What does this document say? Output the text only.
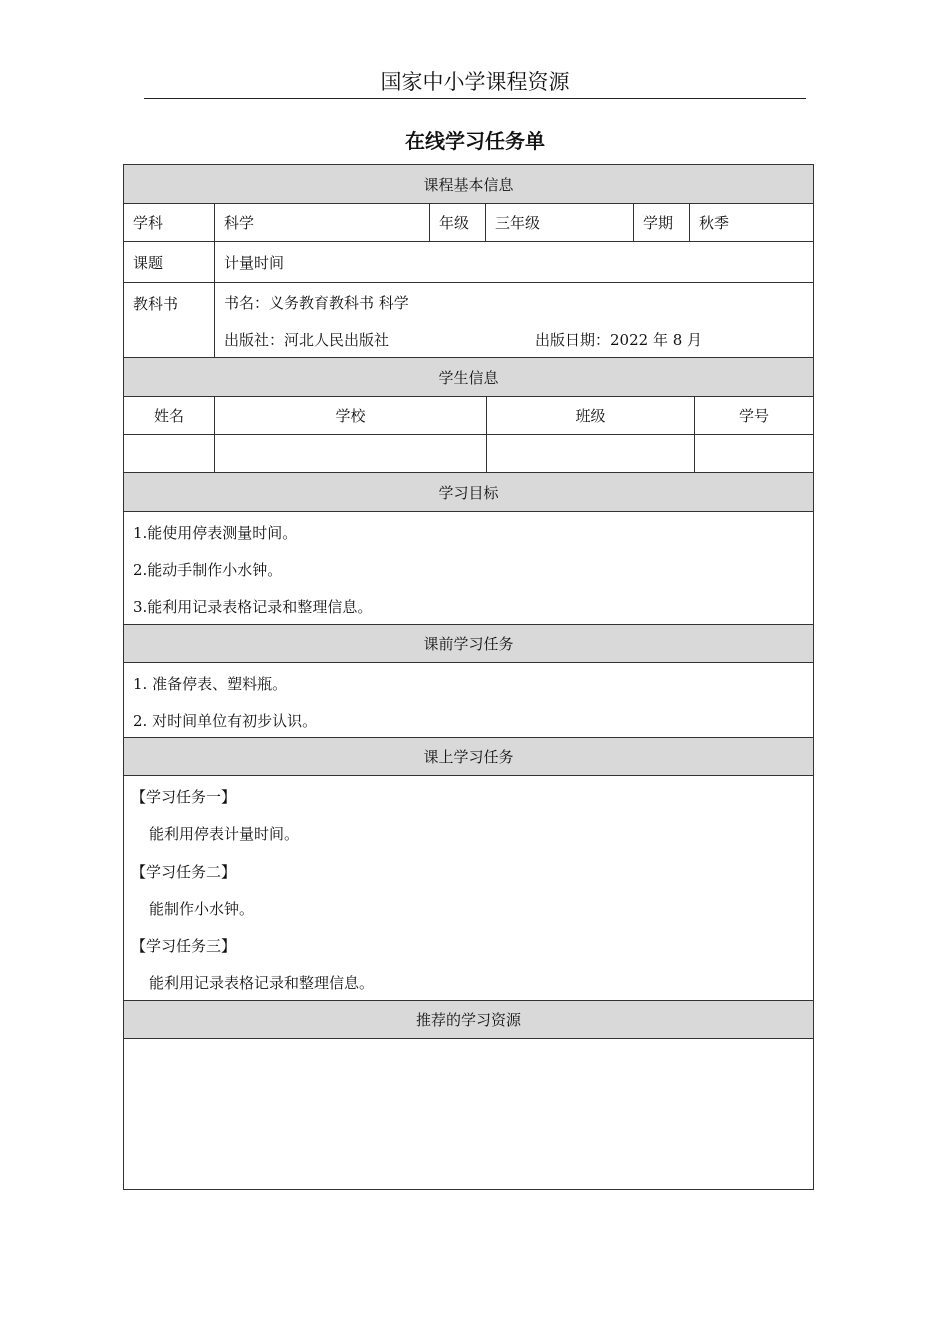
国家中小学课程资源
在线学习任务单
课程基本信息
学科	科学	年级	三年级	学期	秋季
课题	计量时间
教科书	书名：义务教育教科书 科学
出版社：河北人民出版社	出版日期：2022 年 8 月
学生信息
姓名	学校	班级	学号
学习目标
1.能使用停表测量时间。
2.能动手制作小水钟。
3.能利用记录表格记录和整理信息。
课前学习任务
1. 准备停表、塑料瓶。
2. 对时间单位有初步认识。
课上学习任务
【学习任务一】
能利用停表计量时间。
【学习任务二】
能制作小水钟。
【学习任务三】
能利用记录表格记录和整理信息。
推荐的学习资源
